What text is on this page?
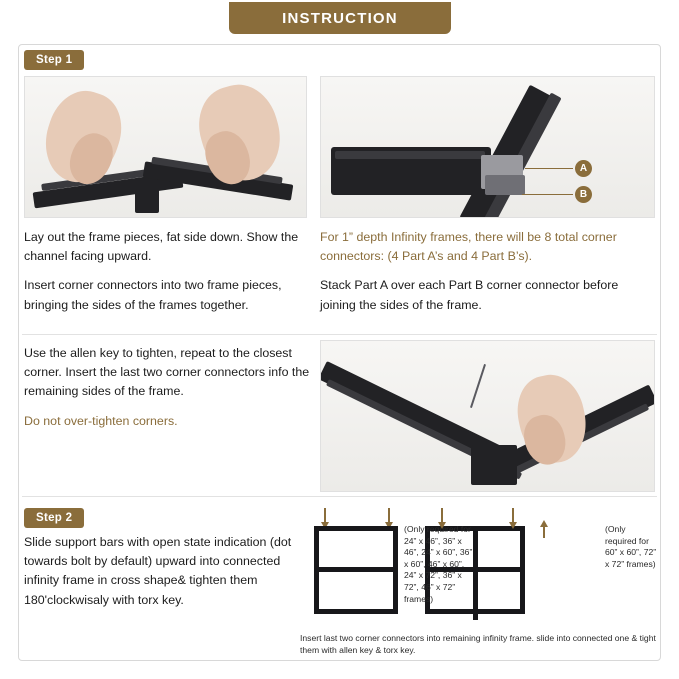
INSTRUCTION
Step 1
Step 2
A
B

Lay out the frame pieces, fat side down. Show the channel facing upward.

Insert corner connectors into two frame pieces, bringing the sides of the frames together.

For 1” depth Infinity frames, there will be 8 total corner connectors: (4 Part A’s and 4 Part B’s).

Stack Part A over each Part B corner connector before joining the sides of the frame.

Use the allen key to tighten, repeat to the closest corner. Insert the last two corner connectors info the remaining sides of the frame.

Do not over-tighten corners.

Slide support bars with open state indication (dot towards bolt by default) upward into connected infinity frame in cross shape& tighten them 180'clockwisaly with torx key.

(Only required for 24” x 46”, 36” x 46”, 24” x 60”, 36” x 60”, 46” x 60”, 24” x 72”, 36” x 72”, 46” x 72” frames)
(Only required for 60” x 60”, 72” x 72” frames)
Insert last two corner connectors into remaining infinity frame. slide into connected one & tight them with allen key & torx key.
